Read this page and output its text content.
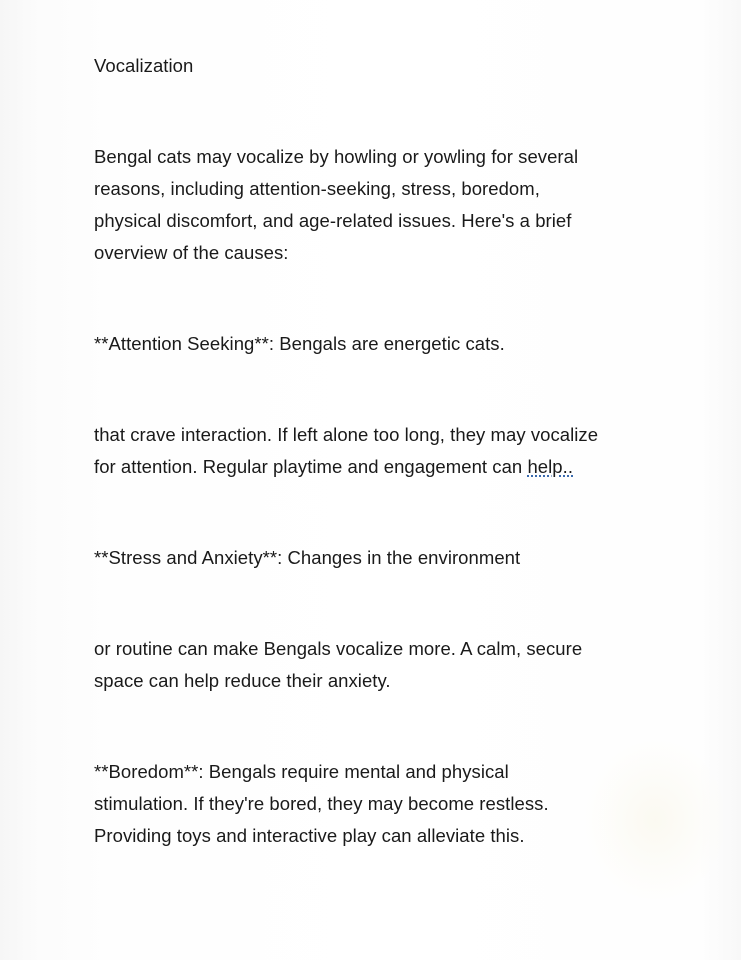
Vocalization
Bengal cats may vocalize by howling or yowling for several
reasons, including attention-seeking, stress, boredom,
physical discomfort, and age-related issues. Here's a brief
overview of the causes:
**Attention Seeking**: Bengals are energetic cats.
that crave interaction. If left alone too long, they may vocalize
for attention. Regular playtime and engagement can help..
**Stress and Anxiety**: Changes in the environment
or routine can make Bengals vocalize more. A calm, secure
space can help reduce their anxiety.
**Boredom**: Bengals require mental and physical
stimulation. If they're bored, they may become restless.
Providing toys and interactive play can alleviate this.
